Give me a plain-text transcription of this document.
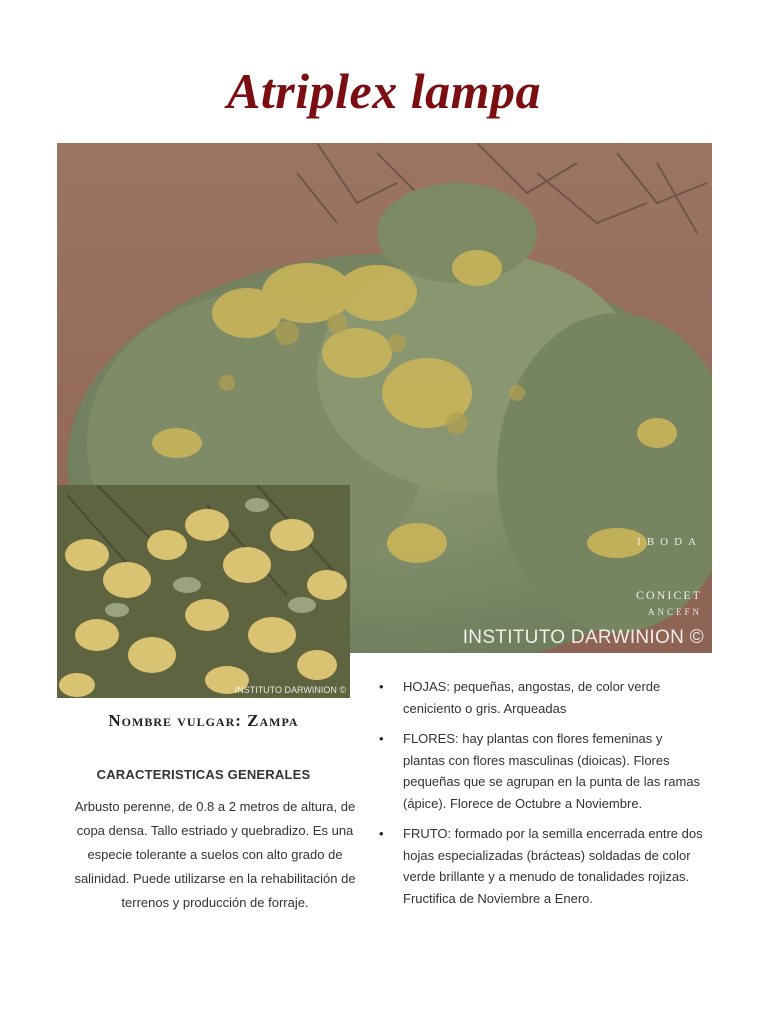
Atriplex lampa
IBODA
CONICET
ANCEFN
INSTITUTO DARWINION ©
INSTITUTO DARWINION ©
Nombre vulgar: Zampa
CARACTERISTICAS GENERALES

Arbusto perenne, de 0.8 a 2 metros de altura, de copa densa. Tallo estriado y quebradizo. Es una especie tolerante a suelos con alto grado de salinidad. Puede utilizarse en la rehabilitación de terrenos y producción de forraje.

• HOJAS: pequeñas, angostas, de color verde ceniciento o gris. Arqueadas
• FLORES: hay plantas con flores femeninas y plantas con flores masculinas (dioicas). Flores pequeñas que se agrupan en la punta de las ramas (ápice). Florece de Octubre a Noviembre.
• FRUTO: formado por la semilla encerrada entre dos hojas especializadas (brácteas) soldadas de color verde brillante y a menudo de tonalidades rojizas. Fructifica de Noviembre a Enero.
